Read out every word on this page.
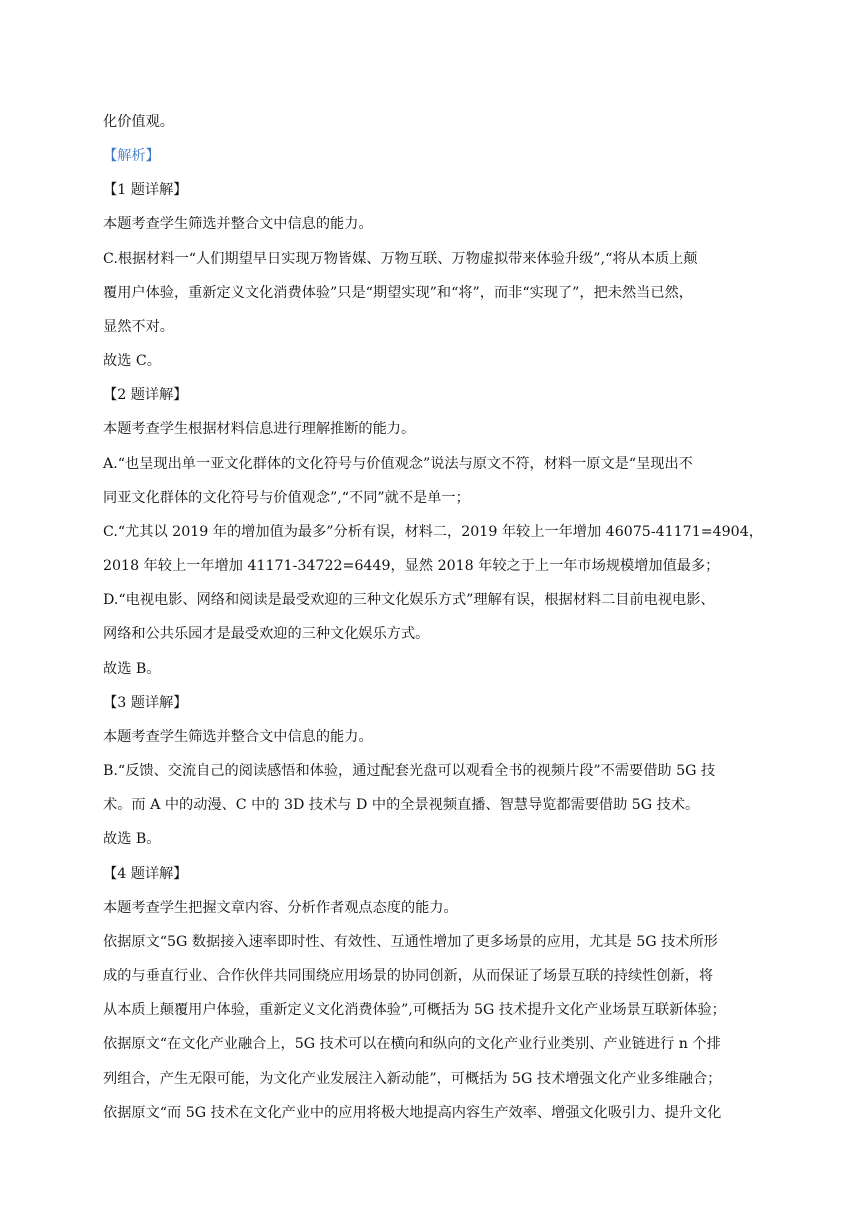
化价值观。
【解析】
【1 题详解】
本题考查学生筛选并整合文中信息的能力。
C.根据材料一“人们期望早日实现万物皆媒、万物互联、万物虚拟带来体验升级”,“将从本质上颠
覆用户体验，重新定义文化消费体验”只是“期望实现”和“将”，而非“实现了”，把未然当已然，
显然不对。
故选 C。
【2 题详解】
本题考查学生根据材料信息进行理解推断的能力。
A.“也呈现出单一亚文化群体的文化符号与价值观念”说法与原文不符，材料一原文是“呈现出不
同亚文化群体的文化符号与价值观念”,“不同”就不是单一；
C.“尤其以 2019 年的增加值为最多”分析有误，材料二，2019 年较上一年增加 46075-41171=4904，
2018 年较上一年增加 41171-34722=6449，显然 2018 年较之于上一年市场规模增加值最多；
D.“电视电影、网络和阅读是最受欢迎的三种文化娱乐方式”理解有误，根据材料二目前电视电影、
网络和公共乐园才是最受欢迎的三种文化娱乐方式。
故选 B。
【3 题详解】
本题考查学生筛选并整合文中信息的能力。
B.“反馈、交流自己的阅读感悟和体验，通过配套光盘可以观看全书的视频片段”不需要借助 5G 技
术。而 A 中的动漫、C 中的 3D 技术与 D 中的全景视频直播、智慧导览都需要借助 5G 技术。
故选 B。
【4 题详解】
本题考查学生把握文章内容、分析作者观点态度的能力。
依据原文“5G 数据接入速率即时性、有效性、互通性增加了更多场景的应用，尤其是 5G 技术所形
成的与垂直行业、合作伙伴共同围绕应用场景的协同创新，从而保证了场景互联的持续性创新，将
从本质上颠覆用户体验，重新定义文化消费体验”,可概括为 5G 技术提升文化产业场景互联新体验；
依据原文“在文化产业融合上，5G 技术可以在横向和纵向的文化产业行业类别、产业链进行 n 个排
列组合，产生无限可能，为文化产业发展注入新动能”，可概括为 5G 技术增强文化产业多维融合；
依据原文“而 5G 技术在文化产业中的应用将极大地提高内容生产效率、增强文化吸引力、提升文化
